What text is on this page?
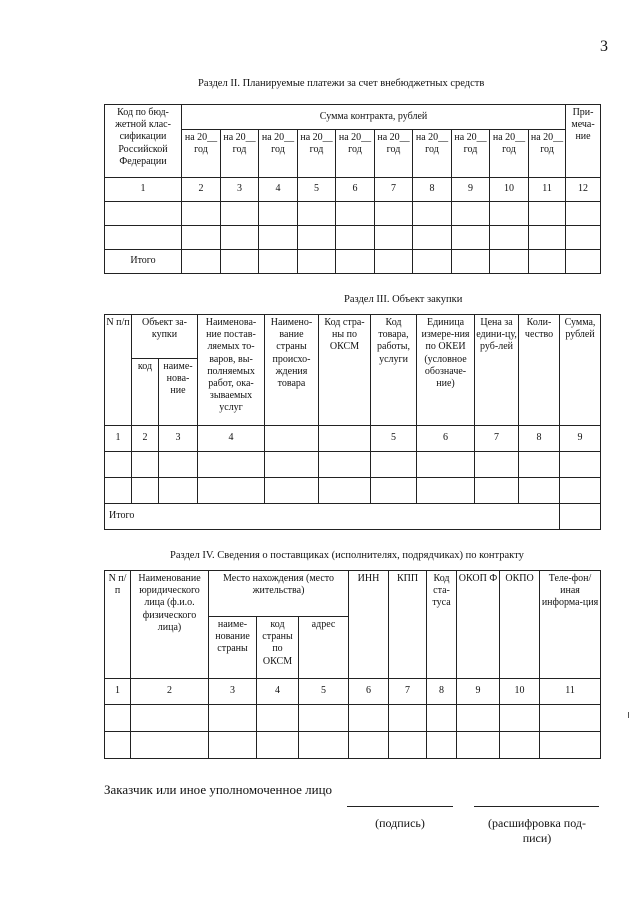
3
Раздел II. Планируемые платежи за счет внебюджетных средств
Код по бюд-жетной клас-сификации Российской Федерации	Сумма контракта, рублей										При-меча-ние
	на 20__ год	на 20__ год	на 20__ год	на 20__ год	на 20__ год	на 20__ год	на 20__ год	на 20__ год	на 20__ год	на 20__ год	
1	2	3	4	5	6	7	8	9	10	11	12

Итого											
Раздел III. Объект закупки
N п/п	Объект за-купки		Наименова-ние постав-ляемых то-варов, вы-полняемых работ, ока-зываемых услуг	Наимено-вание страны происхо-ждения товара	Код стра-ны по ОКСМ	Код товара, работы, услуги	Единица измере-ния по ОКЕИ (условное обозначе-ние)	Цена за едини-цу, руб-лей	Коли-чество	Сумма, рублей
	код	наиме-нова-ние								
1	2	3	4			5	6	7	8	9

Итого										
Раздел IV. Сведения о поставщиках (исполнителях, подрядчиках) по контракту
N п/п	Наименование юридического лица (ф.и.о. физического лица)	Место нахождения (место жительства)			ИНН	КПП	Код ста-туса	ОКОП Ф	ОКПО	Теле-фон/иная информа-ция
		наиме-нование страны	код страны по ОКСМ	адрес						
1	2	3	4	5	6	7	8	9	10	11

Заказчик или иное уполномоченное лицо
(подпись)	(расшифровка под-писи)
